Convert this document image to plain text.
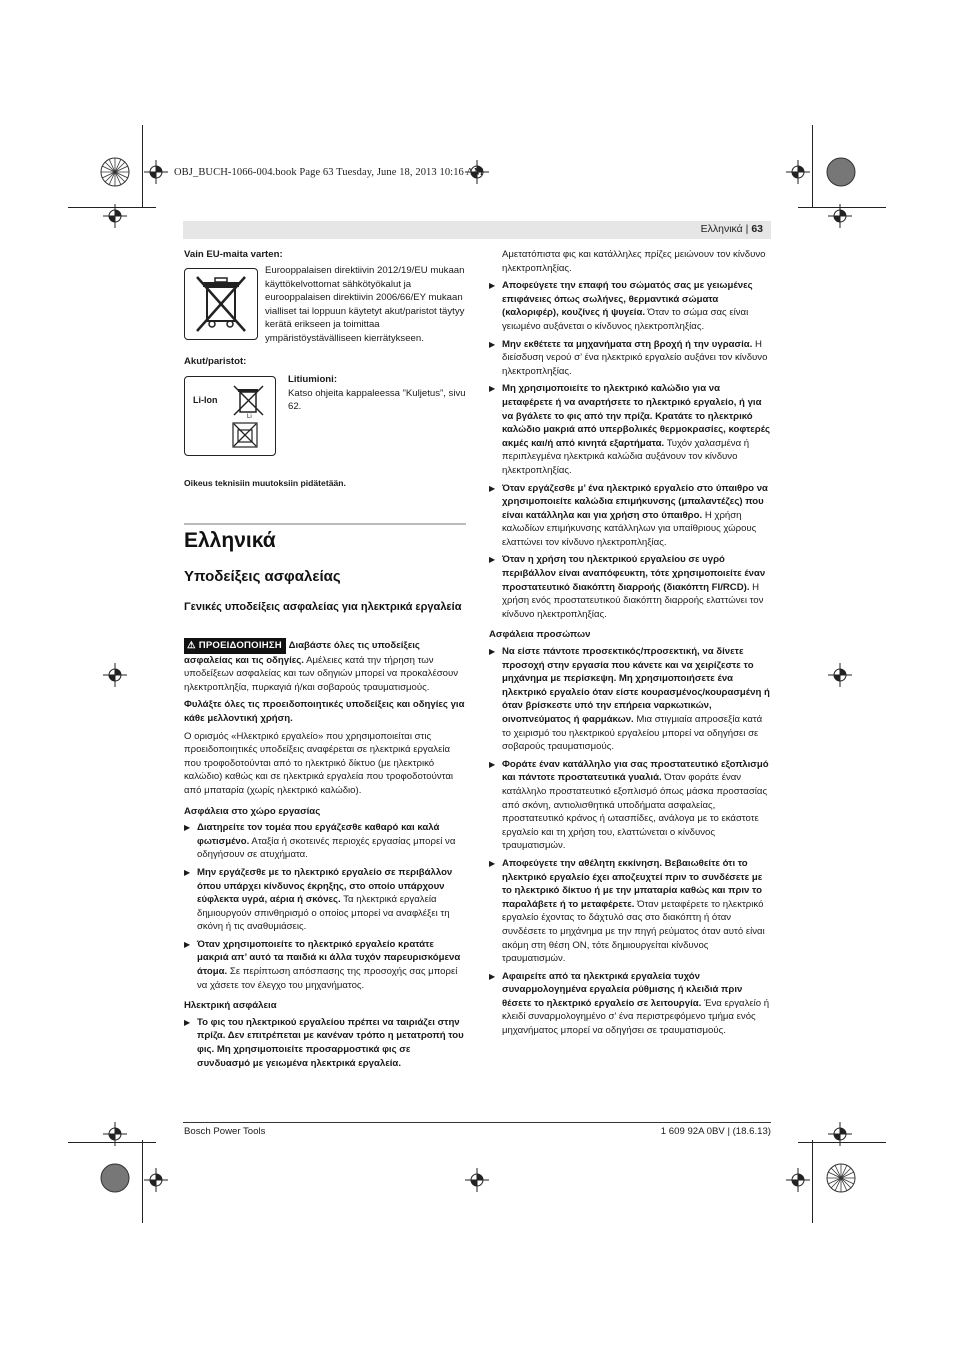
OBJ_BUCH-1066-004.book Page 63 Tuesday, June 18, 2013 10:16 AM
Ελληνικά | 63
Vain EU-maita varten:
Eurooppalaisen direktiivin 2012/19/EU mukaan käyttökelvottomat sähkötyökalut ja eurooppalaisen direktiivin 2006/66/EY mukaan vialliset tai loppuun käytetyt akut/paristot täytyy kerätä erikseen ja toimittaa ympäristöystävälliseen kierrätykseen.
Akut/paristot:
Li-Ion
Li

Litiumioni:

Katso ohjeita kappaleessa ”Kuljetus”, sivu 62.

Oikeus teknisiin muutoksiin pidätetään.
Ελληνικά
Υποδείξεις ασφαλείας
Γενικές υποδείξεις ασφαλείας για ηλεκτρικά εργαλεία

⚠ ΠΡΟΕΙΔΟΠΟΙΗΣΗ Διαβάστε όλες τις υποδείξεις ασφαλείας και τις οδηγίες. Αμέλειες κατά την τήρηση των υποδείξεων ασφαλείας και των οδηγιών μπορεί να προκαλέσουν ηλεκτροπληξία, πυρκαγιά ή/και σοβαρούς τραυματισμούς.

Φυλάξτε όλες τις προειδοποιητικές υποδείξεις και οδηγίες για κάθε μελλοντική χρήση.

Ο ορισμός «Ηλεκτρικό εργαλείο» που χρησιμοποιείται στις προειδοποιητικές υποδείξεις αναφέρεται σε ηλεκτρικά εργαλεία που τροφοδοτούνται από το ηλεκτρικό δίκτυο (με ηλεκτρικό καλώδιο) καθώς και σε ηλεκτρικά εργαλεία που τροφοδοτούνται από μπαταρία (χωρίς ηλεκτρικό καλώδιο).

Ασφάλεια στο χώρο εργασίας

▶ Διατηρείτε τον τομέα που εργάζεσθε καθαρό και καλά φωτισμένο. Αταξία ή σκοτεινές περιοχές εργασίας μπορεί να οδηγήσουν σε ατυχήματα.
▶ Μην εργάζεσθε με το ηλεκτρικό εργαλείο σε περιβάλλον όπου υπάρχει κίνδυνος έκρηξης, στο οποίο υπάρχουν εύφλεκτα υγρά, αέρια ή σκόνες. Τα ηλεκτρικά εργαλεία δημιουργούν σπινθηρισμό ο οποίος μπορεί να αναφλέξει τη σκόνη ή τις αναθυμιάσεις.
▶ Όταν χρησιμοποιείτε το ηλεκτρικό εργαλείο κρατάτε μακριά απ’ αυτό τα παιδιά κι άλλα τυχόν παρευρισκόμενα άτομα. Σε περίπτωση απόσπασης της προσοχής σας μπορεί να χάσετε τον έλεγχο του μηχανήματος.

Ηλεκτρική ασφάλεια

▶ Το φις του ηλεκτρικού εργαλείου πρέπει να ταιριάζει στην πρίζα. Δεν επιτρέπεται με κανέναν τρόπο η μετατροπή του φις. Μη χρησιμοποιείτε προσαρμοστικά φις σε συνδυασμό με γειωμένα ηλεκτρικά εργαλεία.

Αμετατόπιστα φις και κατάλληλες πρίζες μειώνουν τον κίνδυνο ηλεκτροπληξίας.

▶ Αποφεύγετε την επαφή του σώματός σας με γειωμένες επιφάνειες όπως σωλήνες, θερμαντικά σώματα (καλοριφέρ), κουζίνες ή ψυγεία. Όταν το σώμα σας είναι γειωμένο αυξάνεται ο κίνδυνος ηλεκτροπληξίας.
▶ Μην εκθέτετε τα μηχανήματα στη βροχή ή την υγρασία. Η διείσδυση νερού σ’ ένα ηλεκτρικό εργαλείο αυξάνει τον κίνδυνο ηλεκτροπληξίας.
▶ Μη χρησιμοποιείτε το ηλεκτρικό καλώδιο για να μεταφέρετε ή να αναρτήσετε το ηλεκτρικό εργαλείο, ή για να βγάλετε το φις από την πρίζα. Κρατάτε το ηλεκτρικό καλώδιο μακριά από υπερβολικές θερμοκρασίες, κοφτερές ακμές και/ή από κινητά εξαρτήματα. Τυχόν χαλασμένα ή περιπλεγμένα ηλεκτρικά καλώδια αυξάνουν τον κίνδυνο ηλεκτροπληξίας.
▶ Όταν εργάζεσθε μ’ ένα ηλεκτρικό εργαλείο στο ύπαιθρο να χρησιμοποιείτε καλώδια επιμήκυνσης (μπαλαντέζες) που είναι κατάλληλα και για χρήση στο ύπαιθρο. Η χρήση καλωδίων επιμήκυνσης κατάλληλων για υπαίθριους χώρους ελαττώνει τον κίνδυνο ηλεκτροπληξίας.
▶ Όταν η χρήση του ηλεκτρικού εργαλείου σε υγρό περιβάλλον είναι αναπόφευκτη, τότε χρησιμοποιείτε έναν προστατευτικό διακόπτη διαρροής (διακόπτη FI/RCD). Η χρήση ενός προστατευτικού διακόπτη διαρροής ελαττώνει τον κίνδυνο ηλεκτροπληξίας.

Ασφάλεια προσώπων

▶ Να είστε πάντοτε προσεκτικός/προσεκτική, να δίνετε προσοχή στην εργασία που κάνετε και να χειρίζεστε τo μηχάνημα με περίσκεψη. Μη χρησιμοποιήσετε ένα ηλεκτρικό εργαλείο όταν είστε κουρασμένος/κουρασμένη ή όταν βρίσκεστε υπό την επήρεια ναρκωτικών, οινοπνεύματος ή φαρμάκων. Μια στιγμιαία απροσεξία κατά το χειρισμό του ηλεκτρικού εργαλείου μπορεί να οδηγήσει σε σοβαρούς τραυματισμούς.
▶ Φοράτε έναν κατάλληλο για σας προστατευτικό εξοπλισμό και πάντοτε προστατευτικά γυαλιά. Όταν φοράτε έναν κατάλληλο προστατευτικό εξοπλισμό όπως μάσκα προστασίας από σκόνη, αντιολισθητικά υποδήματα ασφαλείας, προστατευτικό κράνος ή ωτασπίδες, ανάλογα με το εκάστοτε εργαλείο και τη χρήση του, ελαττώνεται ο κίνδυνος τραυματισμών.
▶ Αποφεύγετε την αθέλητη εκκίνηση. Βεβαιωθείτε ότι το ηλεκτρικό εργαλείο έχει αποζευχτεί πριν το συνδέσετε με το ηλεκτρικό δίκτυο ή με την μπαταρία καθώς και πριν το παραλάβετε ή το μεταφέρετε. Όταν μεταφέρετε το ηλεκτρικό εργαλείο έχοντας το δάχτυλό σας στο διακόπτη ή όταν συνδέσετε το μηχάνημα με την πηγή ρεύματος όταν αυτό είναι ακόμη στη θέση ON, τότε δημιουργείται κίνδυνος τραυματισμών.
▶ Αφαιρείτε από τα ηλεκτρικά εργαλεία τυχόν συναρμολογημένα εργαλεία ρύθμισης ή κλειδιά πριν θέσετε το ηλεκτρικό εργαλείο σε λειτουργία. Ένα εργαλείο ή κλειδί συναρμολογημένο σ’ ένα περιστρεφόμενο τμήμα ενός μηχανήματος μπορεί να οδηγήσει σε τραυματισμούς.
Bosch Power Tools	1 609 92A 0BV | (18.6.13)
